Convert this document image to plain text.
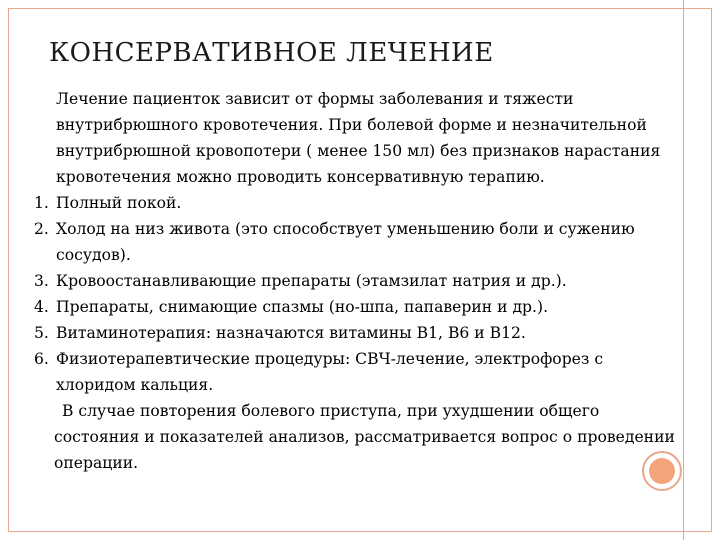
КОНСЕРВАТИВНОЕ ЛЕЧЕНИЕ

Лечение пациенток зависит от формы заболевания и тяжести внутрибрюшного кровотечения. При болевой форме и незначительной внутрибрюшной кровопотери ( менее 150 мл) без признаков нарастания кровотечения можно проводить консервативную терапию.

1. Полный покой.
2. Холод на низ живота (это способствует уменьшению боли и сужению сосудов).
3. Кровоостанавливающие препараты (этамзилат натрия и др.).
4. Препараты, снимающие спазмы (но-шпа, папаверин и др.).
5. Витаминотерапия: назначаются витамины В1, В6 и В12.
6. Физиотерапевтические процедуры: СВЧ-лечение, электрофорез с хлоридом кальция.

В случае повторения болевого приступа, при ухудшении общего состояния и показателей анализов, рассматривается вопрос о проведении операции.
